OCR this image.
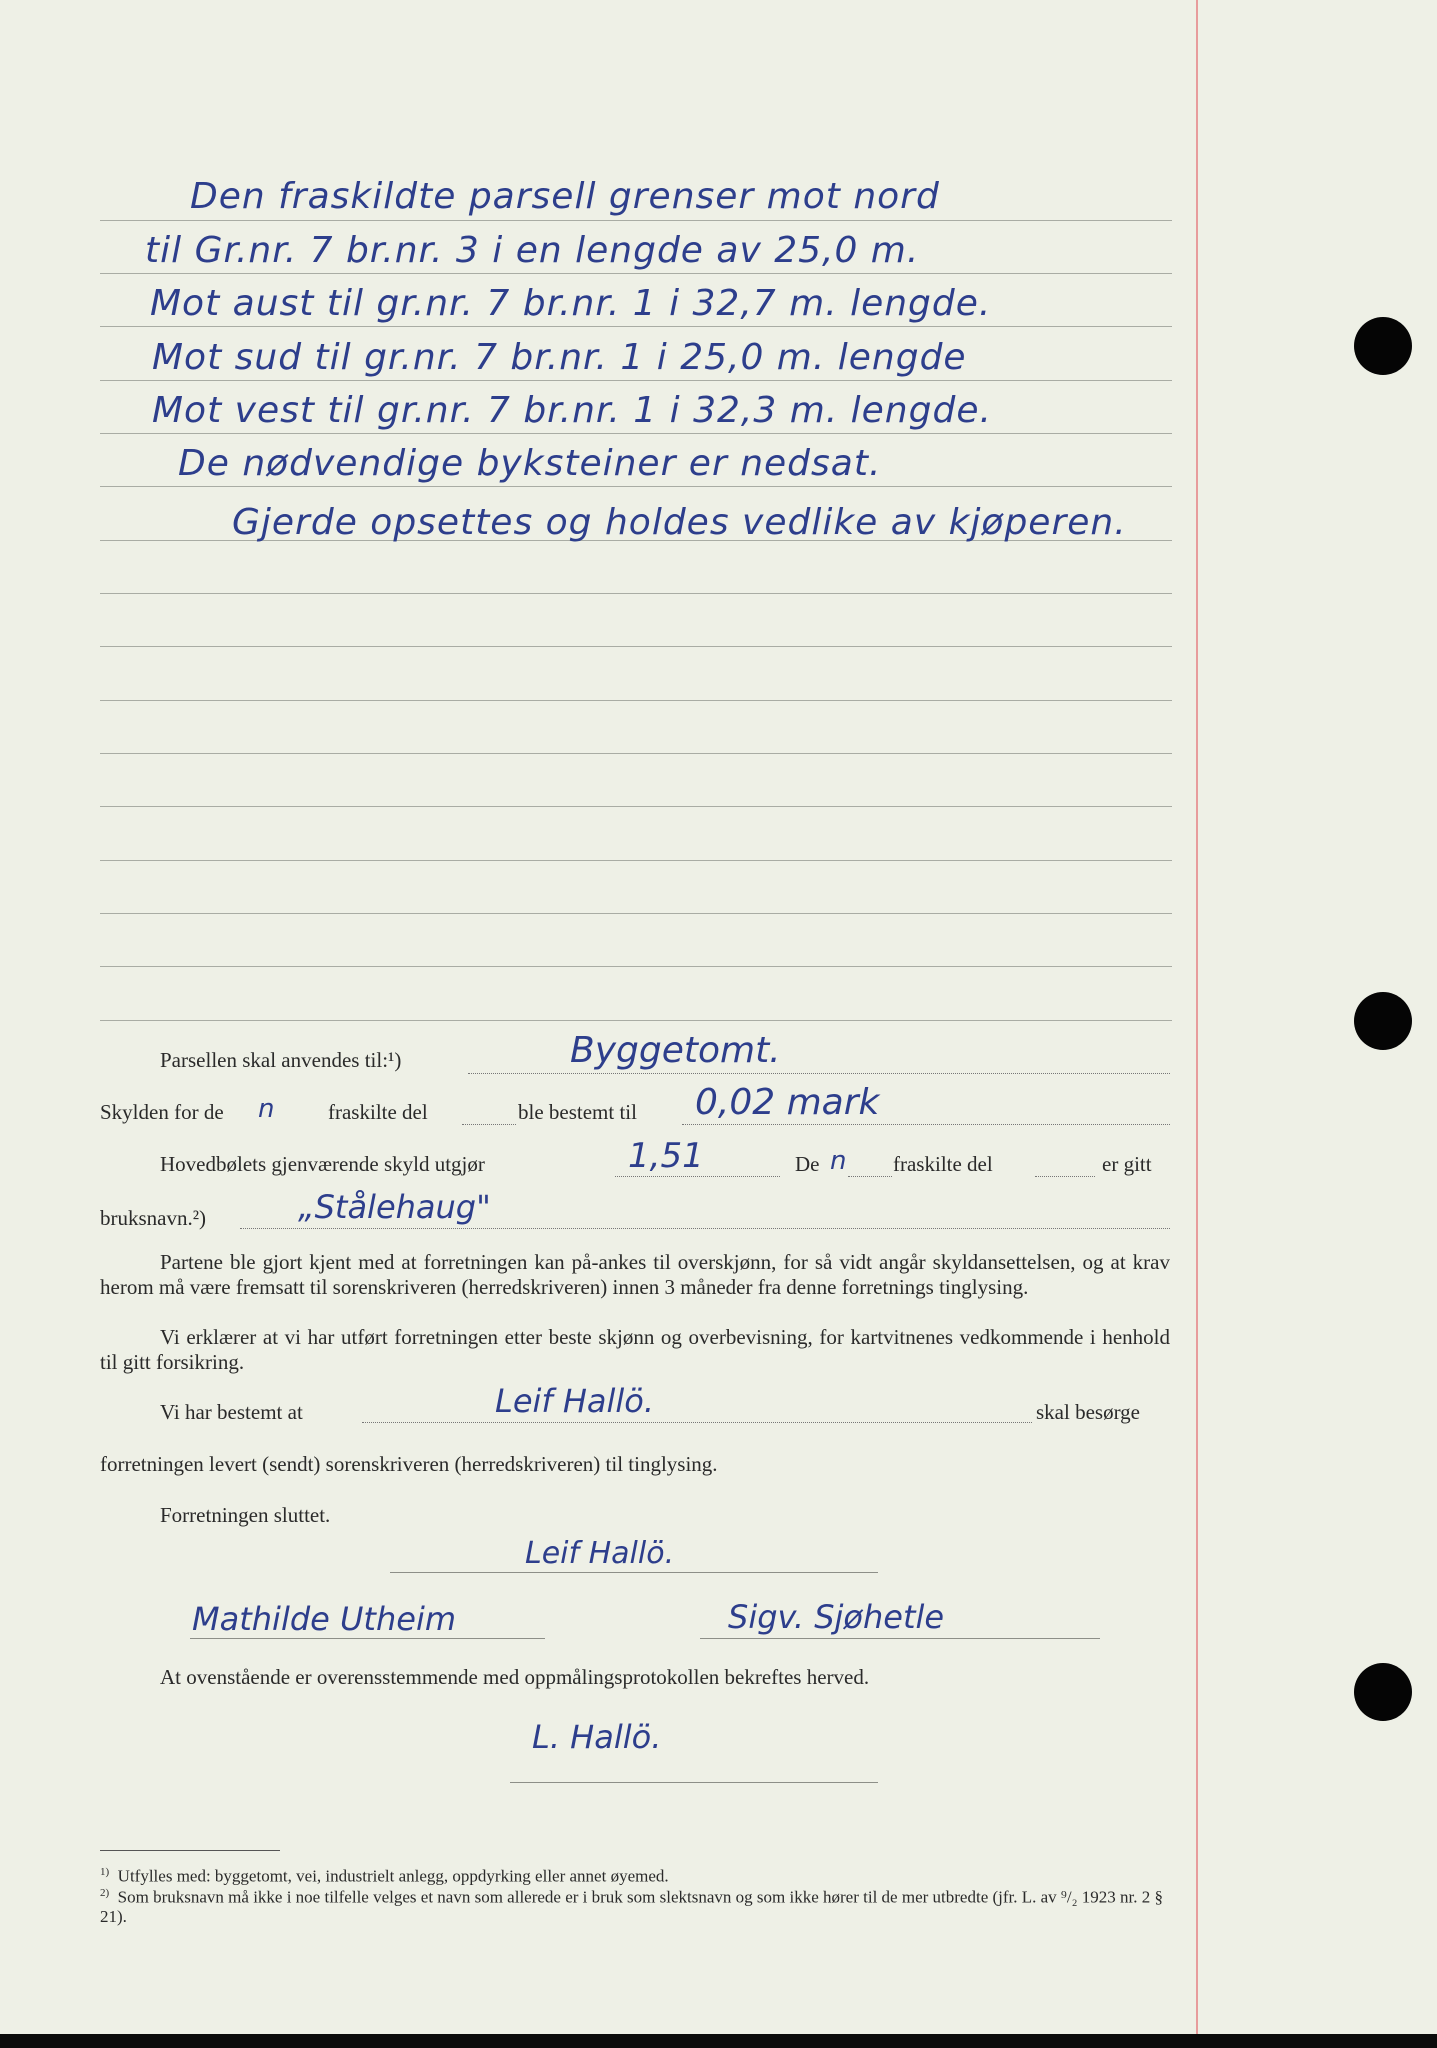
Den fraskildte parsell grenser mot nord
til Gr.nr. 7 br.nr. 3 i en lengde av 25,0 m.
Mot aust til gr.nr. 7 br.nr. 1 i 32,7 m. lengde.
Mot sud til gr.nr. 7 br.nr. 1 i 25,0 m. lengde
Mot vest til gr.nr. 7 br.nr. 1 i 32,3 m. lengde.
De nødvendige byksteiner er nedsat.
Gjerde opsettes og holdes vedlike av kjøperen.
Parsellen skal anvendes til:¹)	Byggetomt.
Skylden for de n	fraskilte del	ble bestemt til 0,02 mark
Hovedbølets gjenværende skyld utgjør	1,51	De n fraskilte del	er gitt
bruksnavn.²)	„Stålehaug"

Partene ble gjort kjent med at forretningen kan på-ankes til overskjønn, for så vidt angår skyldansettelsen, og at krav herom må være fremsatt til sorenskriveren (herredskriveren) innen 3 måneder fra denne forretnings tinglysing.

Vi erklærer at vi har utført forretningen etter beste skjønn og overbevisning, for kartvitnenes vedkommende i henhold til gitt forsikring.

Vi har bestemt at	Leif Hallö.	skal besørge
forretningen levert (sendt) sorenskriveren (herredskriveren) til tinglysing.
Forretningen sluttet.
Leif Hallö.
Mathilde Utheim	Sigv. Sjøhetle
At ovenstående er overensstemmende med oppmålingsprotokollen bekreftes herved.
L. Hallö.
$^{1)}$ Utfylles med: byggetomt, vei, industrielt anlegg, oppdyrking eller annet øyemed.
$^{2)}$ Som bruksnavn må ikke i noe tilfelle velges et navn som allerede er i bruk som slektsnavn og som ikke hører til de mer utbredte (jfr. L. av ⁹/₂ 1923 nr. 2 § 21).
